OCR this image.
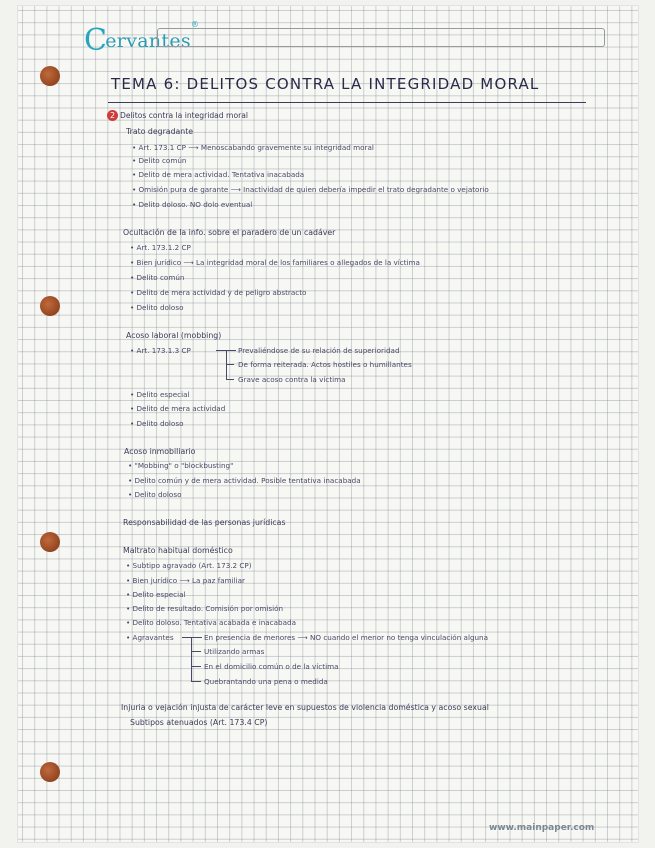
Cervantes®
www.mainpaper.com
TEMA 6: DELITOS CONTRA LA INTEGRIDAD MORAL
2 Delitos contra la integridad moral
Trato degradante
• Art. 173.1 CP ⟶ Menoscabando gravemente su integridad moral
• Delito común
• Delito de mera actividad. Tentativa inacabada
• Omisión pura de garante ⟶ Inactividad de quien debería impedir el trato degradante o vejatorio
• Delito doloso. NO dolo eventual
Ocultación de la info. sobre el paradero de un cadáver
• Art. 173.1.2 CP
• Bien jurídico ⟶ La integridad moral de los familiares o allegados de la víctima
• Delito común
• Delito de mera actividad y de peligro abstracto
• Delito doloso
Acoso laboral (mobbing)
• Art. 173.1.3 CP	Prevaliéndose de su relación de superioridad
De forma reiterada. Actos hostiles o humillantes
Grave acoso contra la víctima
• Delito especial
• Delito de mera actividad
• Delito doloso
Acoso inmobiliario
• "Mobbing" o "blockbusting"
• Delito común y de mera actividad. Posible tentativa inacabada
• Delito doloso
Responsabilidad de las personas jurídicas
Maltrato habitual doméstico
• Subtipo agravado (Art. 173.2 CP)
• Bien jurídico ⟶ La paz familiar
• Delito especial
• Delito de resultado. Comisión por omisión
• Delito doloso. Tentativa acabada e inacabada
• Agravantes	En presencia de menores ⟶ NO cuando el menor no tenga vinculación alguna
Utilizando armas
En el domicilio común o de la víctima
Quebrantando una pena o medida
Injuria o vejación injusta de carácter leve en supuestos de violencia doméstica y acoso sexual
Subtipos atenuados (Art. 173.4 CP)
